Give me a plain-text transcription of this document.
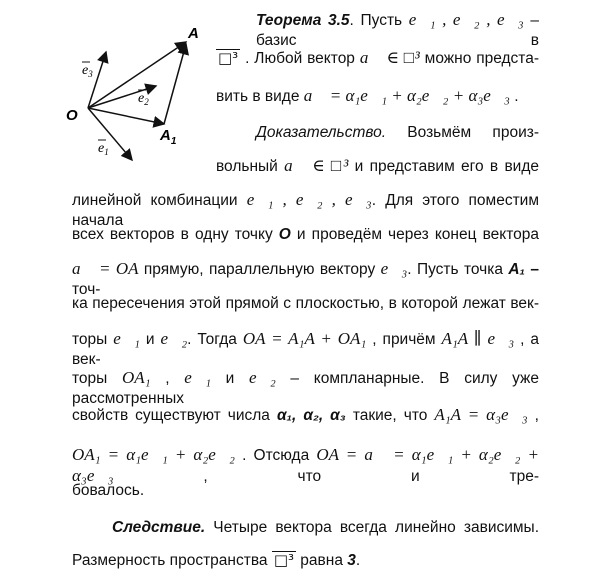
A
O
$A_1$
$e_1$
$e_2$
$e_3$
Теорема 3.5. Пусть e⃗₁ , e⃗₂ , e⃗₃ – базис в
□³ . Любой вектор a⃗ ∈ □³ можно предста-
вить в виде a⃗ = α₁e⃗₁ + α₂e⃗₂ + α₃e⃗₃ .
Доказательство. Возьмём произ-
вольный a⃗ ∈ □³ и представим его в виде
линейной комбинации e⃗₁ , e⃗₂ , e⃗₃. Для этого поместим начала
всех векторов в одну точку O и проведём через конец вектора
a⃗ = OA прямую, параллельную вектору e⃗₃. Пусть точка A₁ – точ-
ка пересечения этой прямой с плоскостью, в которой лежат век-
торы e⃗₁ и e⃗₂. Тогда OA = A₁A + OA₁ , причём A₁A ∥ e⃗₃ , а век-
торы OA₁ , e⃗₁ и e⃗₂ – компланарные. В силу уже рассмотренных
свойств существуют числа α₁, α₂, α₃ такие, что A₁A = α₃e⃗₃ ,
OA₁ = α₁e⃗₁ + α₂e⃗₂ . Отсюда OA = a⃗ = α₁e⃗₁ + α₂e⃗₂ + α₃e⃗₃ , что и тре-
бовалось.
Следствие. Четыре вектора всегда линейно зависимы.
Размерность пространства □³ равна 3.
